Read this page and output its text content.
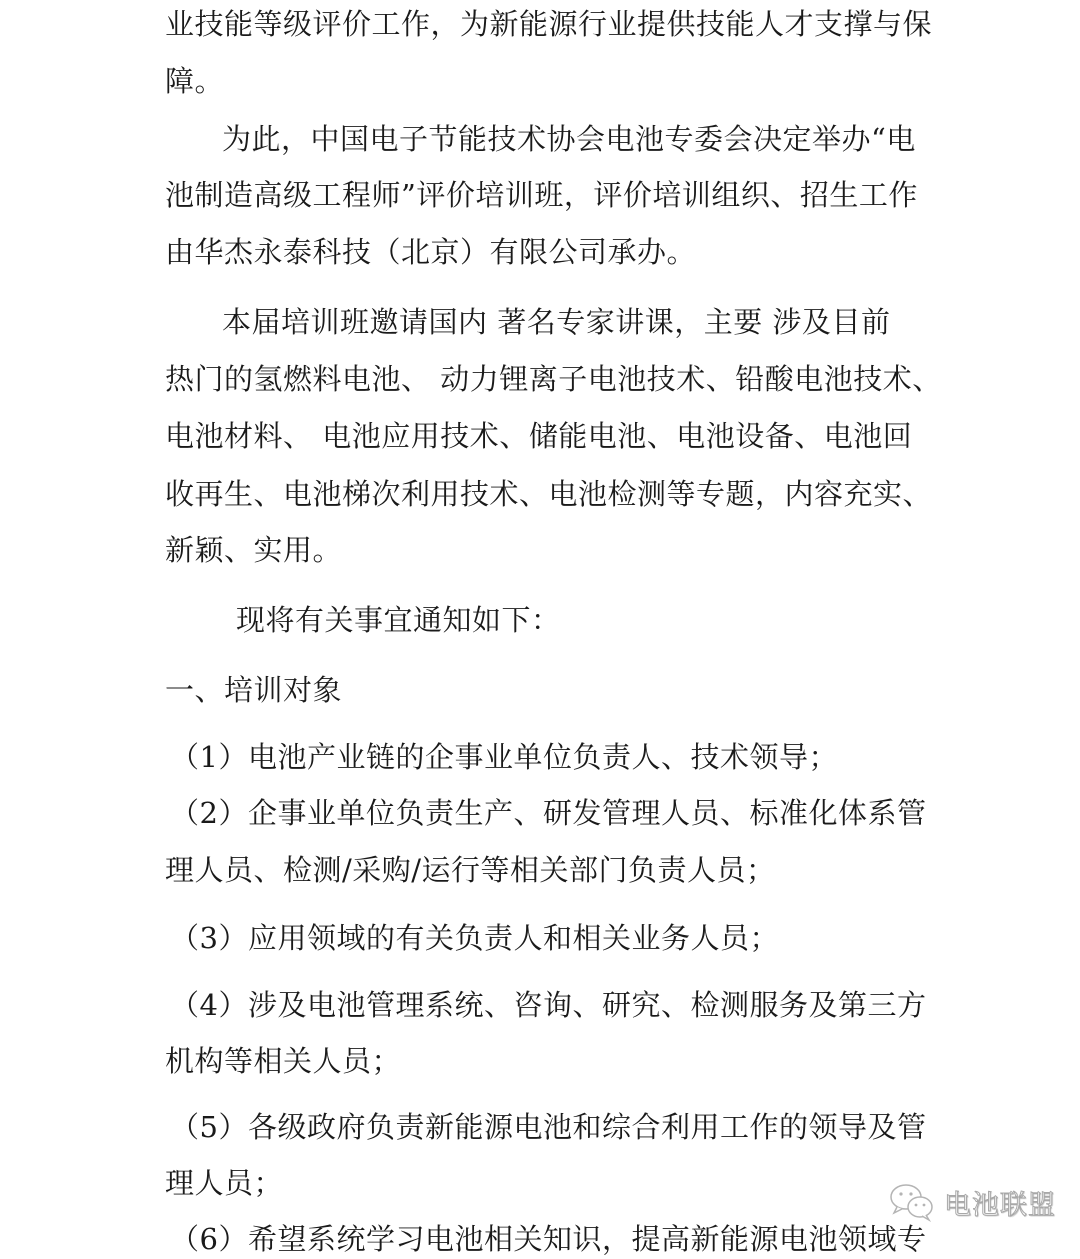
业技能等级评价工作，为新能源行业提供技能人才支撑与保
障。
为此，中国电子节能技术协会电池专委会决定举办“电
池制造高级工程师”评价培训班，评价培训组织、招生工作
由华杰永泰科技（北京）有限公司承办。
本届培训班邀请国内 著名专家讲课，主要 涉及目前
热门的氢燃料电池、 动力锂离子电池技术、铅酸电池技术、
电池材料、 电池应用技术、储能电池、电池设备、电池回
收再生、电池梯次利用技术、电池检测等专题，内容充实、
新颖、实用。
现将有关事宜通知如下：
一、培训对象
（1）电池产业链的企事业单位负责人、技术领导；
（2）企事业单位负责生产、研发管理人员、标准化体系管
理人员、检测/采购/运行等相关部门负责人员；
（3）应用领域的有关负责人和相关业务人员；
（4）涉及电池管理系统、咨询、研究、检测服务及第三方
机构等相关人员；
（5）各级政府负责新能源电池和综合利用工作的领导及管
理人员；
（6）希望系统学习电池相关知识，提高新能源电池领域专
电池联盟
